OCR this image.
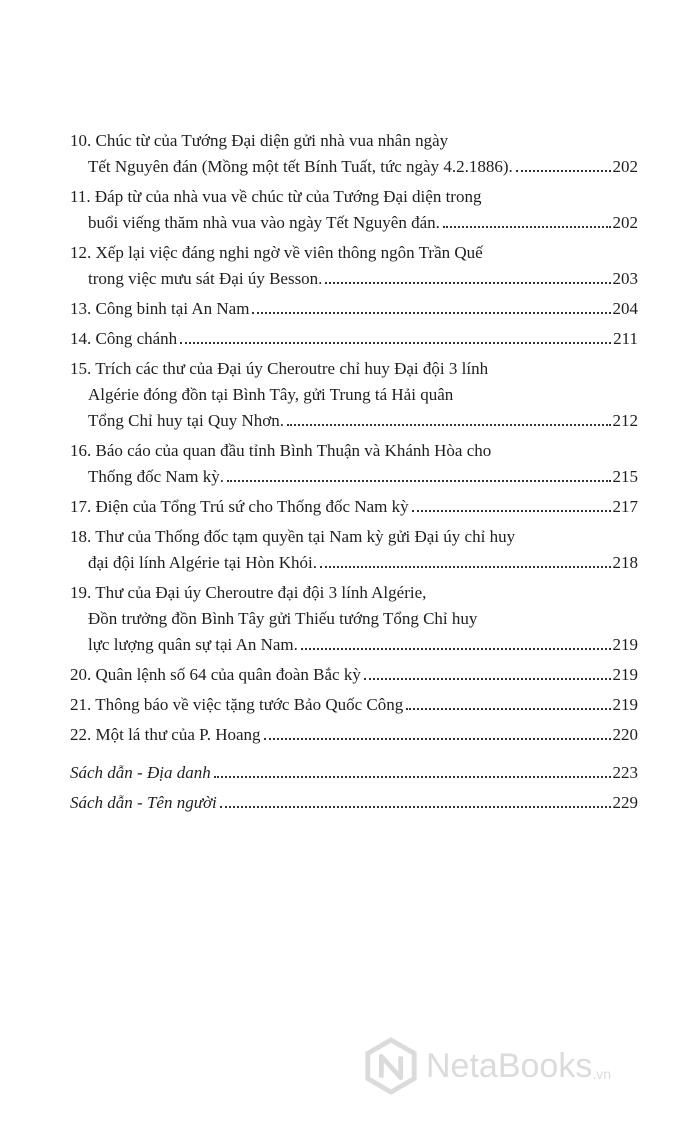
10. Chúc từ của Tướng Đại diện gửi nhà vua nhân ngày
Tết Nguyên đán (Mồng một tết Bính Tuất, tức ngày 4.2.1886).	202
11. Đáp từ của nhà vua về chúc từ của Tướng Đại diện trong
buổi viếng thăm nhà vua vào ngày Tết Nguyên đán.	202
12. Xếp lại việc đáng nghi ngờ về viên thông ngôn Trần Quế
trong việc mưu sát Đại úy Besson.	203
13. Công binh tại An Nam	204
14. Công chánh	211
15. Trích các thư của Đại úy Cheroutre chỉ huy Đại đội 3 lính
Algérie đóng đồn tại Bình Tây, gửi Trung tá Hải quân
Tổng Chỉ huy tại Quy Nhơn.	212
16. Báo cáo của quan đầu tỉnh Bình Thuận và Khánh Hòa cho
Thống đốc Nam kỳ.	215
17. Điện của Tổng Trú sứ cho Thống đốc Nam kỳ	217
18. Thư của Thống đốc tạm quyền tại Nam kỳ gửi Đại úy chỉ huy
đại đội lính Algérie tại Hòn Khói.	218
19. Thư của Đại úy Cheroutre đại đội 3 lính Algérie,
Đồn trưởng đồn Bình Tây gửi Thiếu tướng Tổng Chỉ huy
lực lượng quân sự tại An Nam.	219
20. Quân lệnh số 64 của quân đoàn Bắc kỳ	219
21. Thông báo về việc tặng tước Bảo Quốc Công	219
22. Một lá thư của P. Hoang	220
Sách dẫn - Địa danh	223
Sách dẫn - Tên người	229
NetaBooks .vn
